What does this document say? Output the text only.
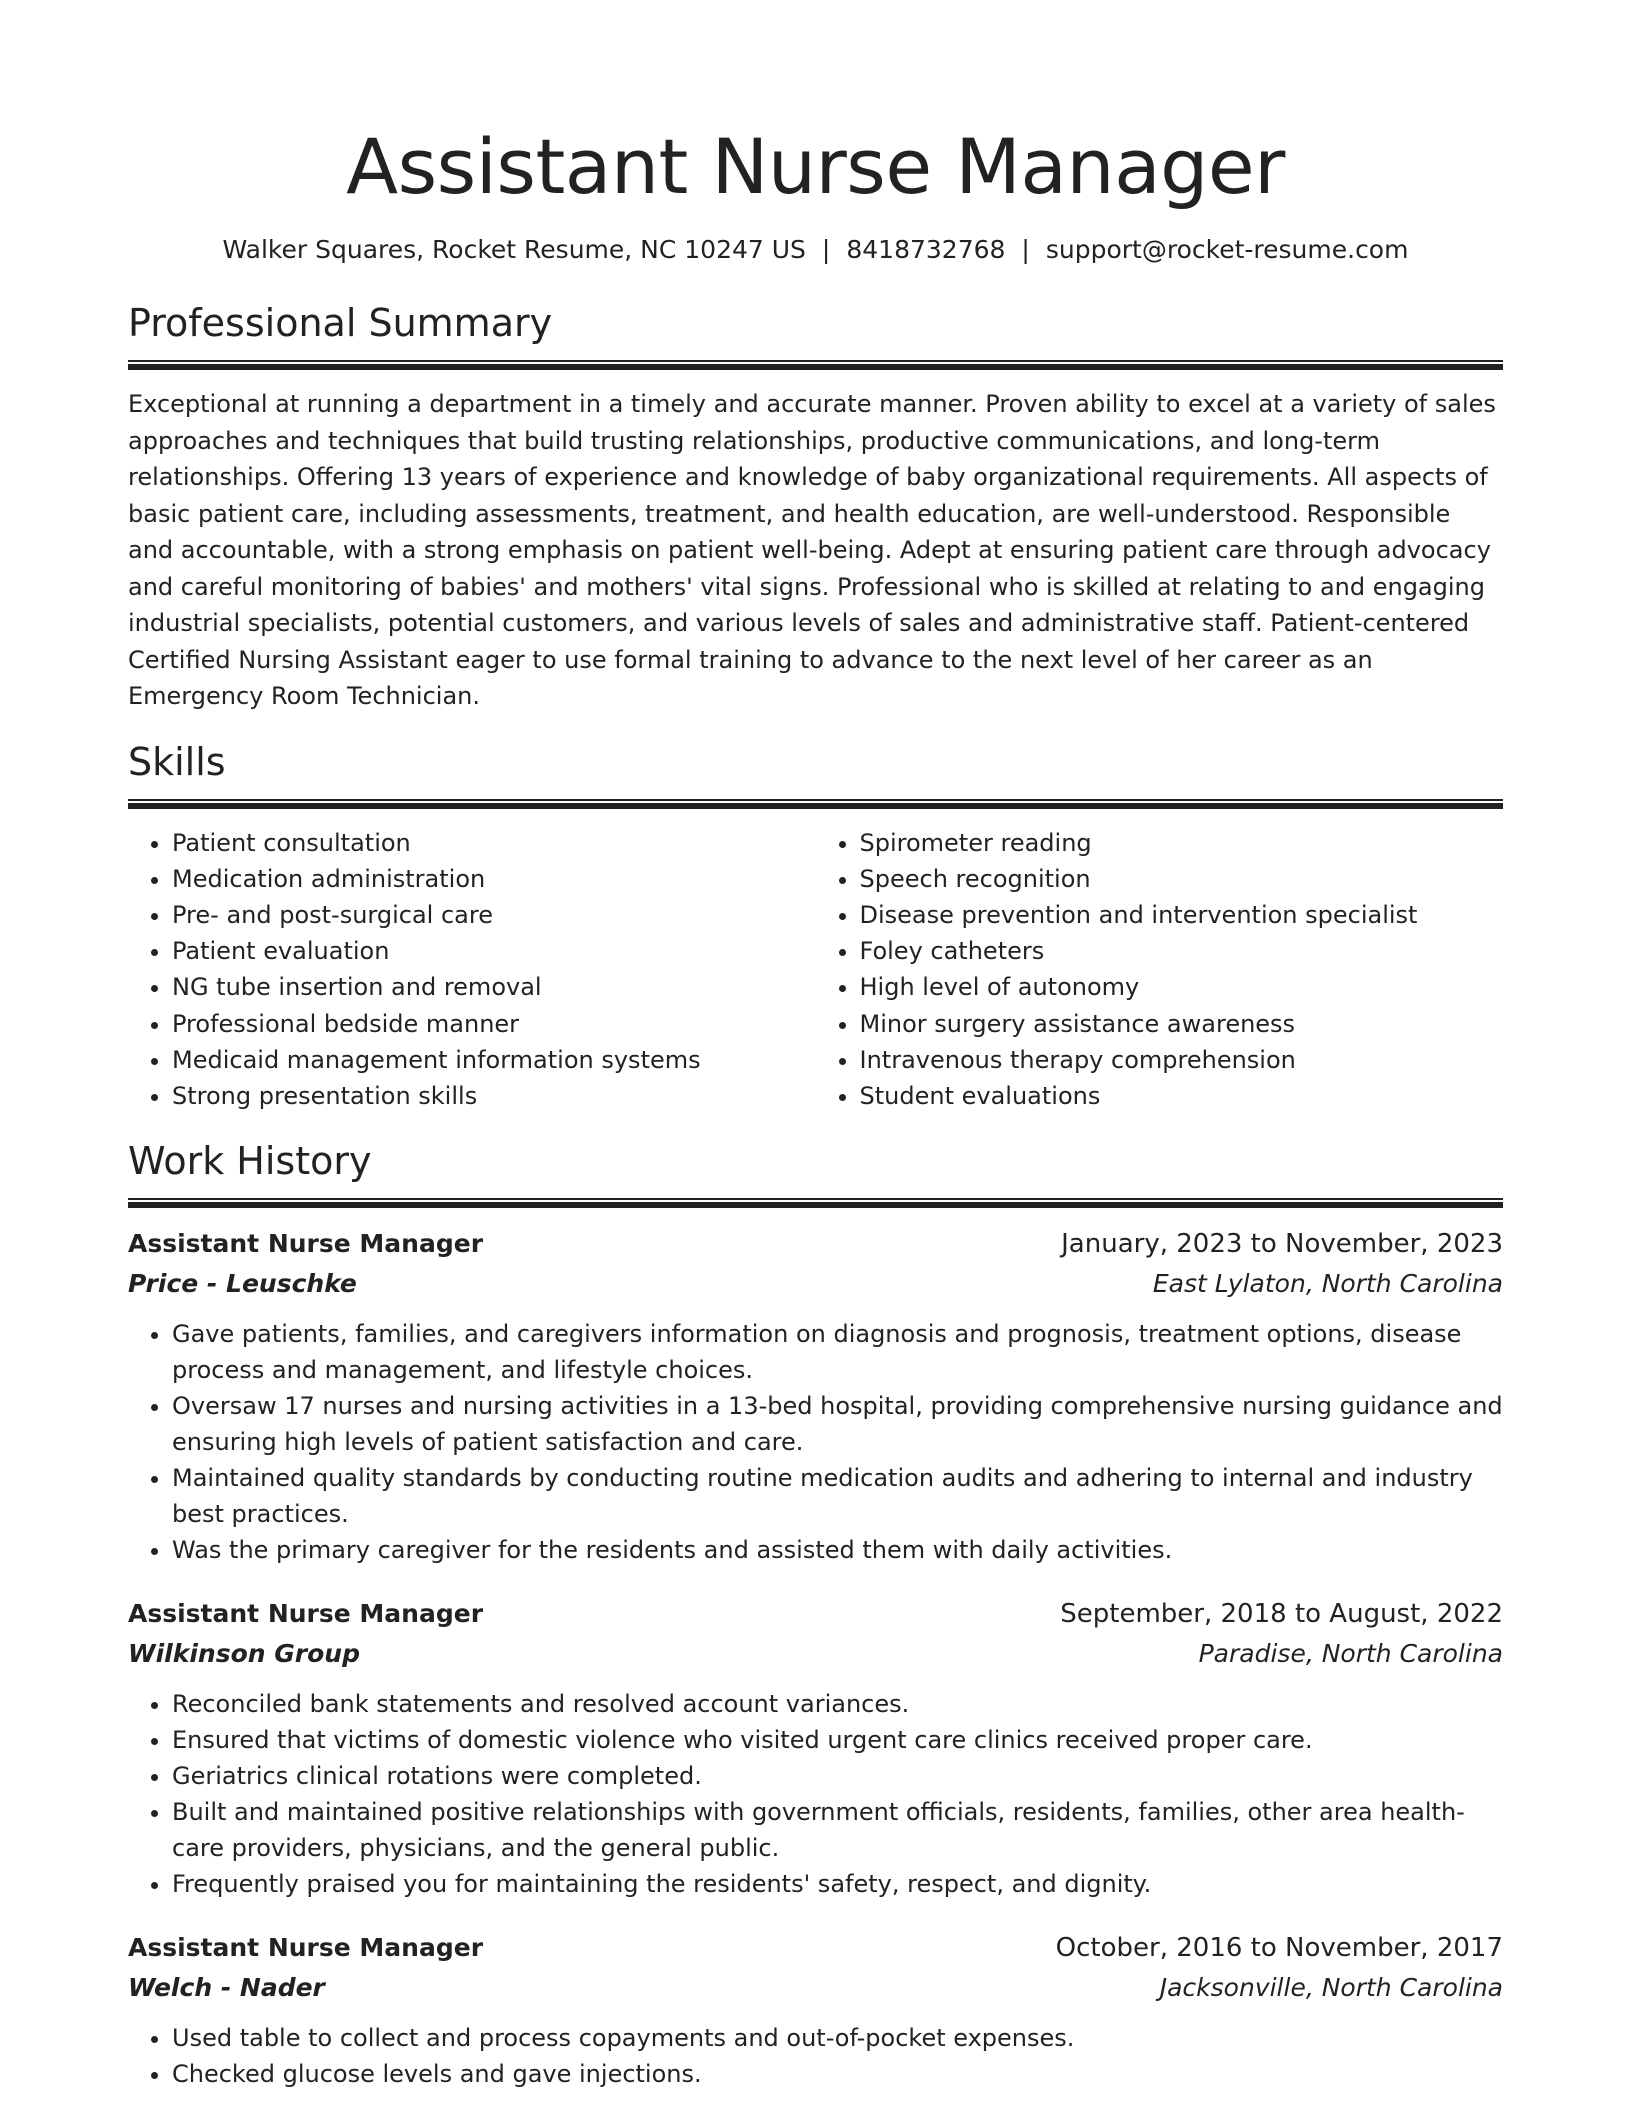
Assistant Nurse Manager
Walker Squares, Rocket Resume, NC 10247 US | 8418732768 | support@rocket-resume.com
Professional Summary

Exceptional at running a department in a timely and accurate manner. Proven ability to excel at a variety of sales approaches and techniques that build trusting relationships, productive communications, and long-term relationships. Offering 13 years of experience and knowledge of baby organizational requirements. All aspects of basic patient care, including assessments, treatment, and health education, are well-understood. Responsible and accountable, with a strong emphasis on patient well-being. Adept at ensuring patient care through advocacy and careful monitoring of babies' and mothers' vital signs. Professional who is skilled at relating to and engaging industrial specialists, potential customers, and various levels of sales and administrative staff. Patient-centered Certified Nursing Assistant eager to use formal training to advance to the next level of her career as an Emergency Room Technician.

Skills
• Patient consultation
• Medication administration
• Pre- and post-surgical care
• Patient evaluation
• NG tube insertion and removal
• Professional bedside manner
• Medicaid management information systems
• Strong presentation skills
• Spirometer reading
• Speech recognition
• Disease prevention and intervention specialist
• Foley catheters
• High level of autonomy
• Minor surgery assistance awareness
• Intravenous therapy comprehension
• Student evaluations
Work History
Assistant Nurse Manager	January, 2023 to November, 2023
Price - Leuschke	East Lylaton, North Carolina
• Gave patients, families, and caregivers information on diagnosis and prognosis, treatment options, disease process and management, and lifestyle choices.
• Oversaw 17 nurses and nursing activities in a 13-bed hospital, providing comprehensive nursing guidance and ensuring high levels of patient satisfaction and care.
• Maintained quality standards by conducting routine medication audits and adhering to internal and industry best practices.
• Was the primary caregiver for the residents and assisted them with daily activities.
Assistant Nurse Manager	September, 2018 to August, 2022
Wilkinson Group	Paradise, North Carolina
• Reconciled bank statements and resolved account variances.
• Ensured that victims of domestic violence who visited urgent care clinics received proper care.
• Geriatrics clinical rotations were completed.
• Built and maintained positive relationships with government officials, residents, families, other area health-care providers, physicians, and the general public.
• Frequently praised you for maintaining the residents' safety, respect, and dignity.
Assistant Nurse Manager	October, 2016 to November, 2017
Welch - Nader	Jacksonville, North Carolina
• Used table to collect and process copayments and out-of-pocket expenses.
• Checked glucose levels and gave injections.
